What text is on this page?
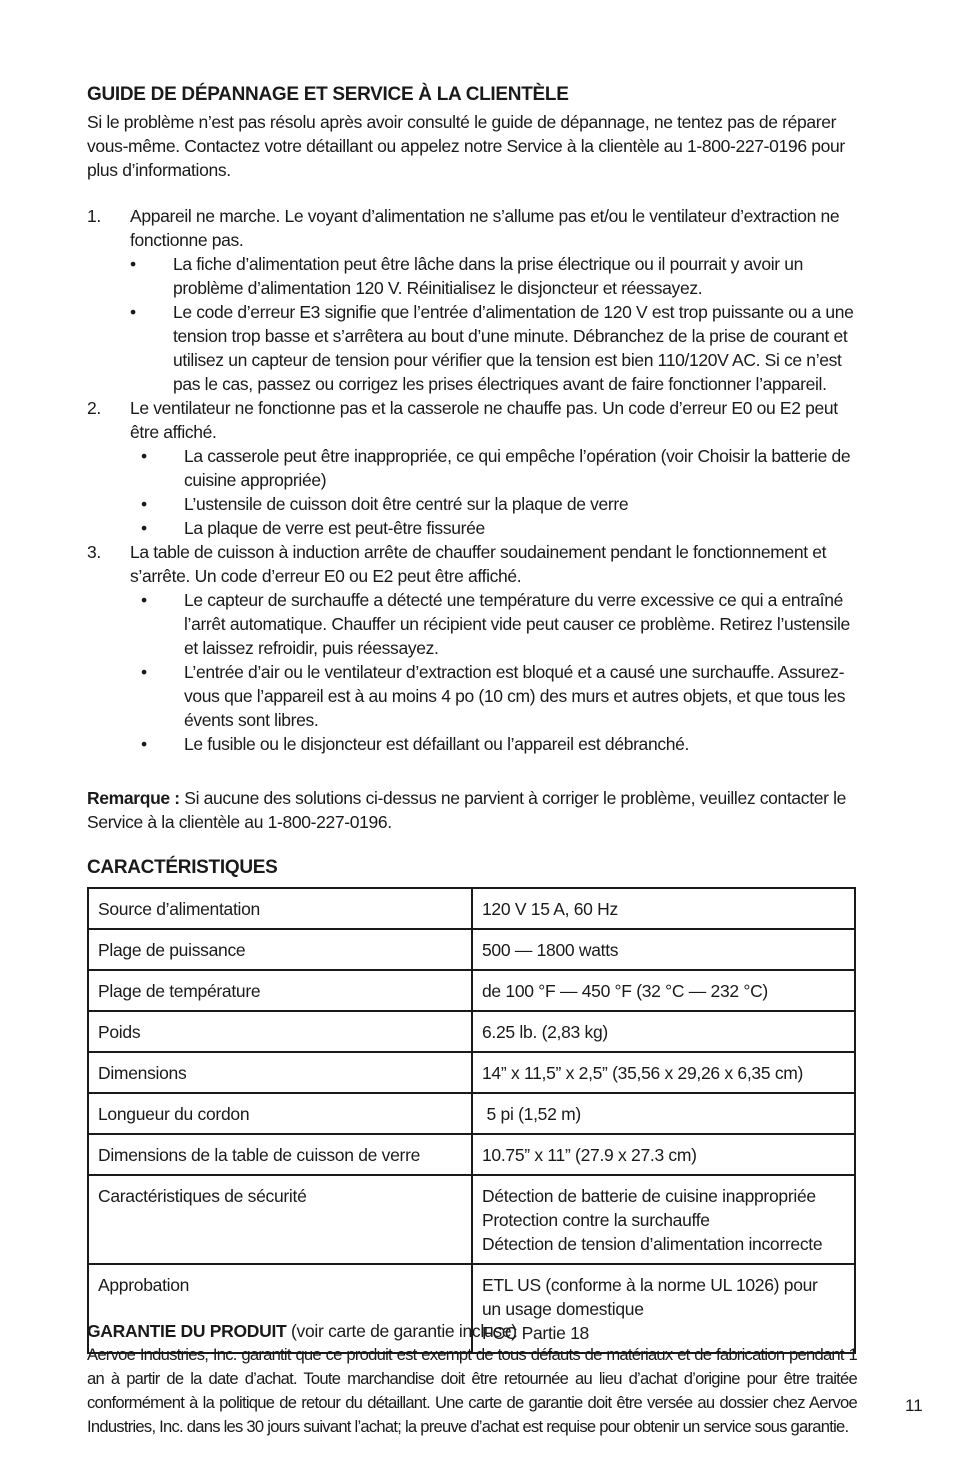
GUIDE DE DÉPANNAGE ET SERVICE À LA CLIENTÈLE

Si le problème n’est pas résolu après avoir consulté le guide de dépannage, ne tentez pas de réparer vous-même. Contactez votre détaillant ou appelez notre Service à la clientèle au 1-800-227-0196 pour plus d’informations.

1. Appareil ne marche. Le voyant d’alimentation ne s’allume pas et/ou le ventilateur d’extraction ne fonctionne pas.

• La fiche d’alimentation peut être lâche dans la prise électrique ou il pourrait y avoir un problème d’alimentation 120 V. Réinitialisez le disjoncteur et réessayez.

• Le code d’erreur E3 signifie que l’entrée d’alimentation de 120 V est trop puissante ou a une tension trop basse et s’arrêtera au bout d’une minute. Débranchez de la prise de courant et utilisez un capteur de tension pour vérifier que la tension est bien 110/120V AC. Si ce n’est pas le cas, passez ou corrigez les prises électriques avant de faire fonctionner l’appareil.

2. Le ventilateur ne fonctionne pas et la casserole ne chauffe pas. Un code d’erreur E0 ou E2 peut être affiché.

• La casserole peut être inappropriée, ce qui empêche l’opération (voir Choisir la batterie de cuisine appropriée)

• L’ustensile de cuisson doit être centré sur la plaque de verre

• La plaque de verre est peut-être fissurée

3. La table de cuisson à induction arrête de chauffer soudainement pendant le fonctionnement et s’arrête. Un code d’erreur E0 ou E2 peut être affiché.

• Le capteur de surchauffe a détecté une température du verre excessive ce qui a entraîné l’arrêt automatique. Chauffer un récipient vide peut causer ce problème. Retirez l’ustensile et laissez refroidir, puis réessayez.

• L’entrée d’air ou le ventilateur d’extraction est bloqué et a causé une surchauffe. Assurez-vous que l’appareil est à au moins 4 po (10 cm) des murs et autres objets, et que tous les évents sont libres.

• Le fusible ou le disjoncteur est défaillant ou l’appareil est débranché.

Remarque : Si aucune des solutions ci-dessus ne parvient à corriger le problème, veuillez contacter le Service à la clientèle au 1-800-227-0196.

CARACTÉRISTIQUES
Source d’alimentation	120 V 15 A, 60 Hz

Plage de puissance	500 — 1800 watts

Plage de température	de 100 °F — 450 °F (32 °C — 232 °C)

Poids	6.25 lb. (2,83 kg)

Dimensions	14” x 11,5” x 2,5” (35,56 x 29,26 x 6,35 cm)

Longueur du cordon	5 pi (1,52 m)

Dimensions de la table de cuisson de verre	10.75” x 11” (27.9 x 27.3 cm)

Caractéristiques de sécurité	Détection de batterie de cuisine inappropriée
Protection contre la surchauffe
Détection de tension d’alimentation incorrecte

Approbation	ETL US (conforme à la norme UL 1026) pour
un usage domestique
FCC Partie 18
GARANTIE DU PRODUIT (voir carte de garantie incluse)
Aervoe Industries, Inc. garantit que ce produit est exempt de tous défauts de matériaux et de fabrication pendant 1 an à partir de la date d’achat. Toute marchandise doit être retournée au lieu d’achat d’origine pour être traitée conformément à la politique de retour du détaillant. Une carte de garantie doit être versée au dossier chez Aervoe Industries, Inc. dans les 30 jours suivant l’achat; la preuve d’achat est requise pour obtenir un service sous garantie.
11
